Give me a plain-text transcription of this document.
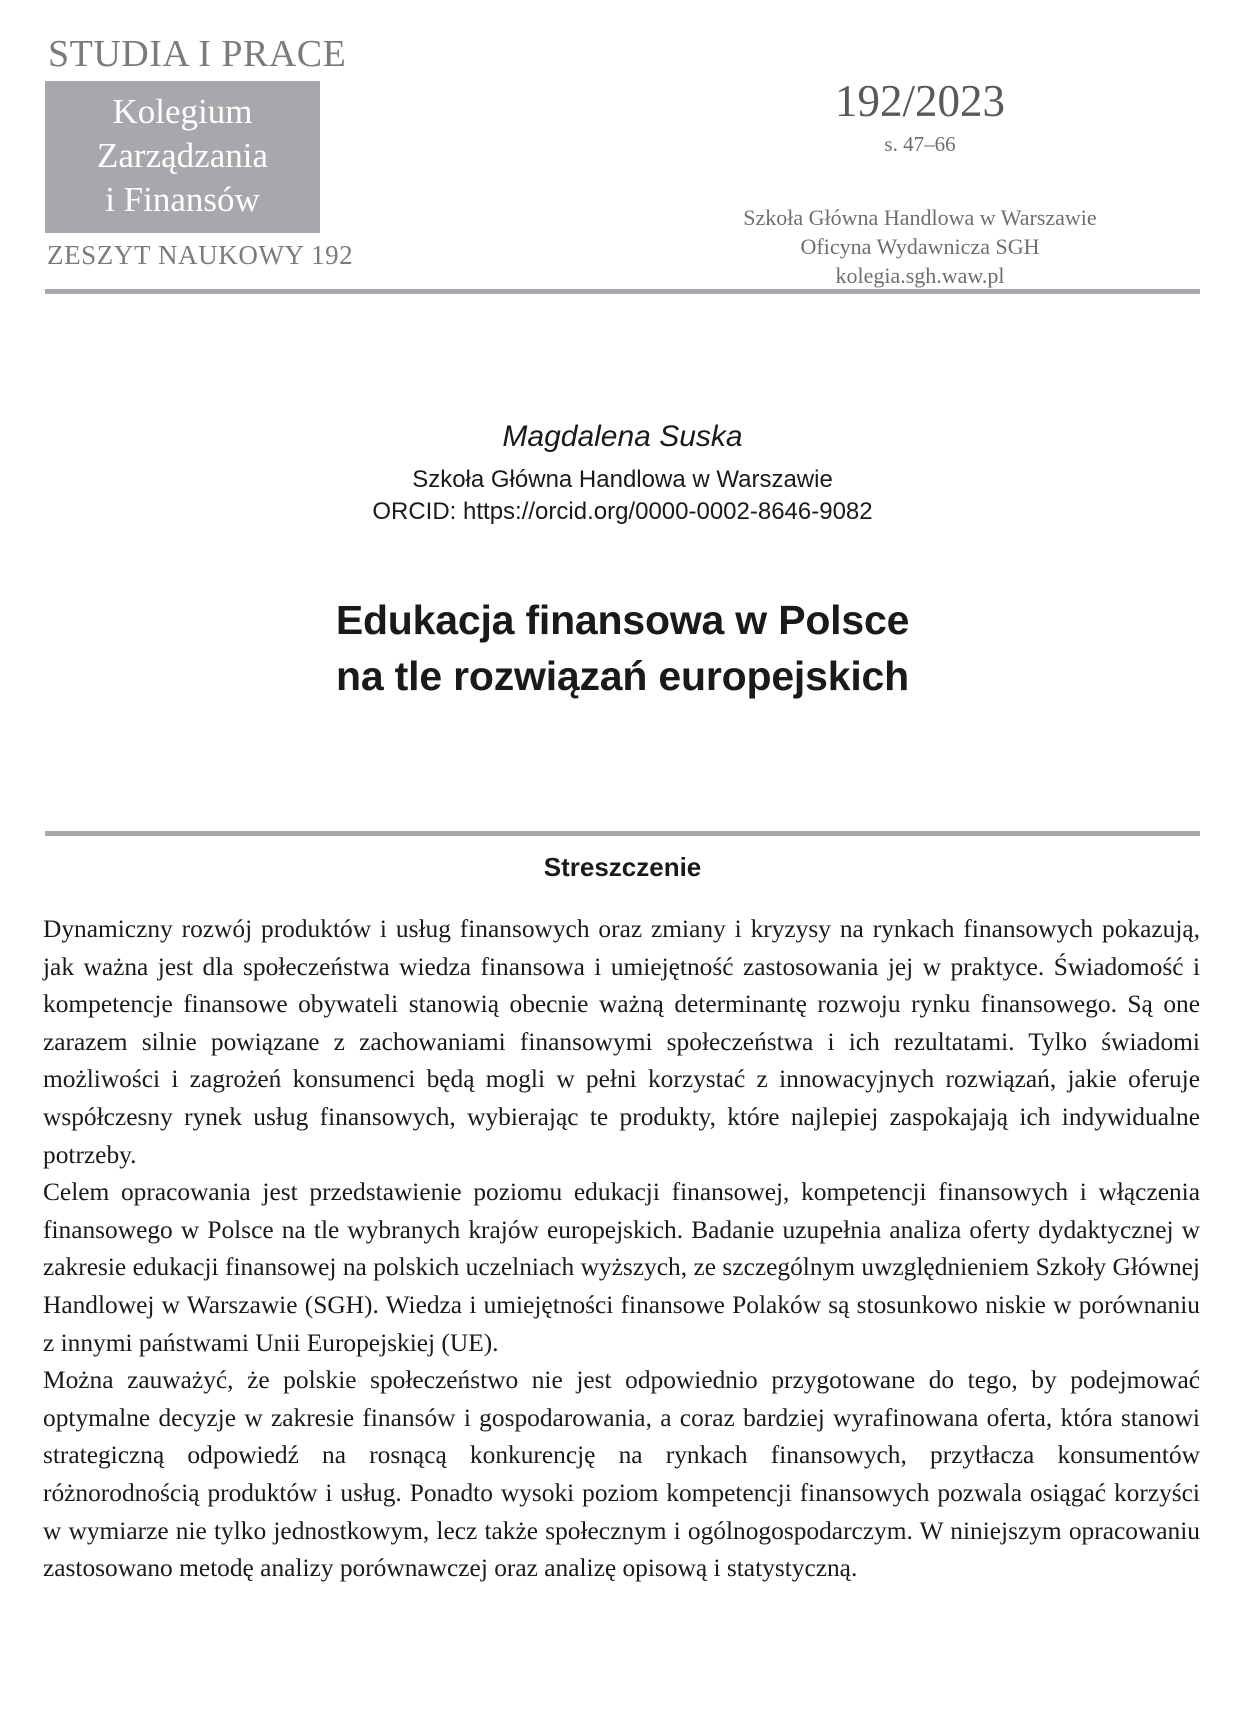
STUDIA I PRACE
Kolegium
Zarządzania
i Finansów
ZESZYT NAUKOWY 192
192/2023
s. 47–66
Szkoła Główna Handlowa w Warszawie
Oficyna Wydawnicza SGH
kolegia.sgh.waw.pl
Magdalena Suska
Szkoła Główna Handlowa w Warszawie
ORCID: https://orcid.org/0000-0002-8646-9082
Edukacja finansowa w Polsce
na tle rozwiązań europejskich
Streszczenie

Dynamiczny rozwój produktów i usług finansowych oraz zmiany i kryzysy na rynkach finansowych pokazują, jak ważna jest dla społeczeństwa wiedza finansowa i umiejętność zastosowania jej w praktyce. Świadomość i kompetencje finansowe obywateli stanowią obecnie ważną determinantę rozwoju rynku finansowego. Są one zarazem silnie powiązane z zachowaniami finansowymi społeczeństwa i ich rezultatami. Tylko świadomi możliwości i zagrożeń konsumenci będą mogli w pełni korzystać z innowacyjnych rozwiązań, jakie oferuje współczesny rynek usług finansowych, wybierając te produkty, które najlepiej zaspokajają ich indywidualne potrzeby.

Celem opracowania jest przedstawienie poziomu edukacji finansowej, kompetencji finansowych i włączenia finansowego w Polsce na tle wybranych krajów europejskich. Badanie uzupełnia analiza oferty dydaktycznej w zakresie edukacji finansowej na polskich uczelniach wyższych, ze szczególnym uwzględnieniem Szkoły Głównej Handlowej w Warszawie (SGH). Wiedza i umiejętności finansowe Polaków są stosunkowo niskie w porównaniu z innymi państwami Unii Europejskiej (UE).

Można zauważyć, że polskie społeczeństwo nie jest odpowiednio przygotowane do tego, by podejmować optymalne decyzje w zakresie finansów i gospodarowania, a coraz bardziej wyrafinowana oferta, która stanowi strategiczną odpowiedź na rosnącą konkurencję na rynkach finansowych, przytłacza konsumentów różnorodnością produktów i usług. Ponadto wysoki poziom kompetencji finansowych pozwala osiągać korzyści w wymiarze nie tylko jednostkowym, lecz także społecznym i ogólnogospodarczym. W niniejszym opracowaniu zastosowano metodę analizy porównawczej oraz analizę opisową i statystyczną.
